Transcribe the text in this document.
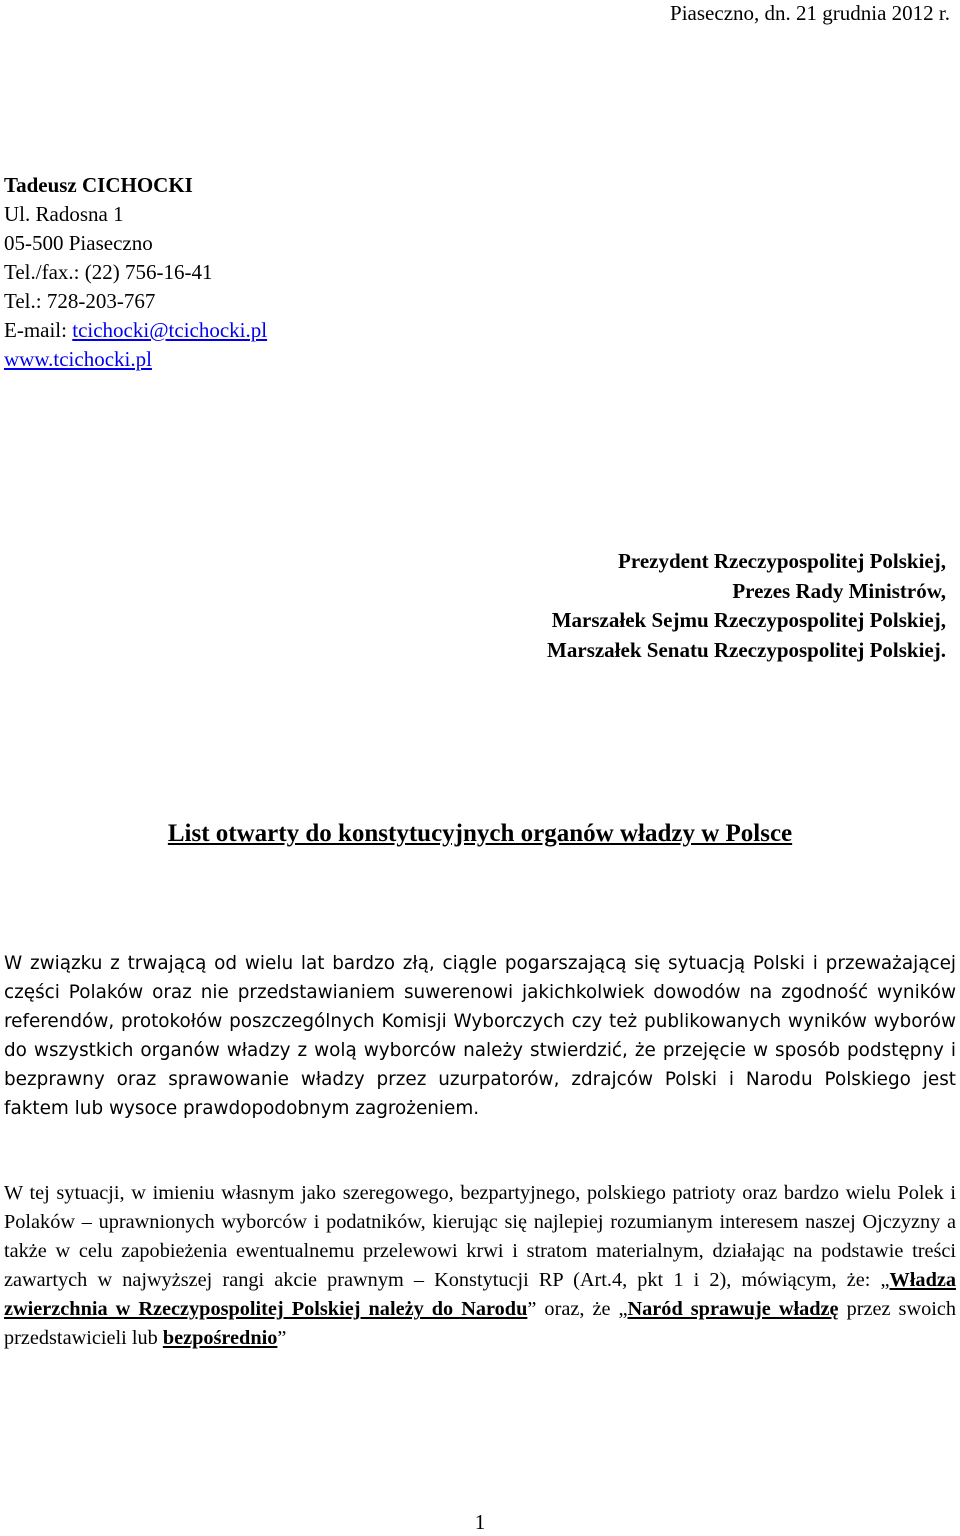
Piaseczno, dn. 21 grudnia 2012 r.
Tadeusz CICHOCKI
Ul. Radosna 1
05-500 Piaseczno
Tel./fax.: (22) 756-16-41
Tel.: 728-203-767
E-mail: tcichocki@tcichocki.pl
www.tcichocki.pl
Prezydent Rzeczypospolitej Polskiej,
Prezes Rady Ministrów,
Marszałek Sejmu Rzeczypospolitej Polskiej,
Marszałek Senatu Rzeczypospolitej Polskiej.
List otwarty do konstytucyjnych organów władzy w Polsce
W związku z trwającą od wielu lat bardzo złą, ciągle pogarszającą się sytuacją Polski i przeważającej części Polaków oraz nie przedstawianiem suwerenowi jakichkolwiek dowodów na zgodność wyników referendów, protokołów poszczególnych Komisji Wyborczych czy też publikowanych wyników wyborów do wszystkich organów władzy z wolą wyborców należy stwierdzić, że przejęcie w sposób podstępny i bezprawny oraz sprawowanie władzy przez uzurpatorów, zdrajców Polski i Narodu Polskiego jest faktem lub wysoce prawdopodobnym zagrożeniem.
W tej sytuacji, w imieniu własnym jako szeregowego, bezpartyjnego, polskiego patrioty oraz bardzo wielu Polek i Polaków – uprawnionych wyborców i podatników, kierując się najlepiej rozumianym interesem naszej Ojczyzny a także w celu zapobieżenia ewentualnemu przelewowi krwi i stratom materialnym, działając na podstawie treści zawartych w najwyższej rangi akcie prawnym – Konstytucji RP (Art.4, pkt 1 i 2), mówiącym, że: „Władza zwierzchnia w Rzeczypospolitej Polskiej należy do Narodu” oraz, że „Naród sprawuje władzę przez swoich przedstawicieli lub bezpośrednio”
1
